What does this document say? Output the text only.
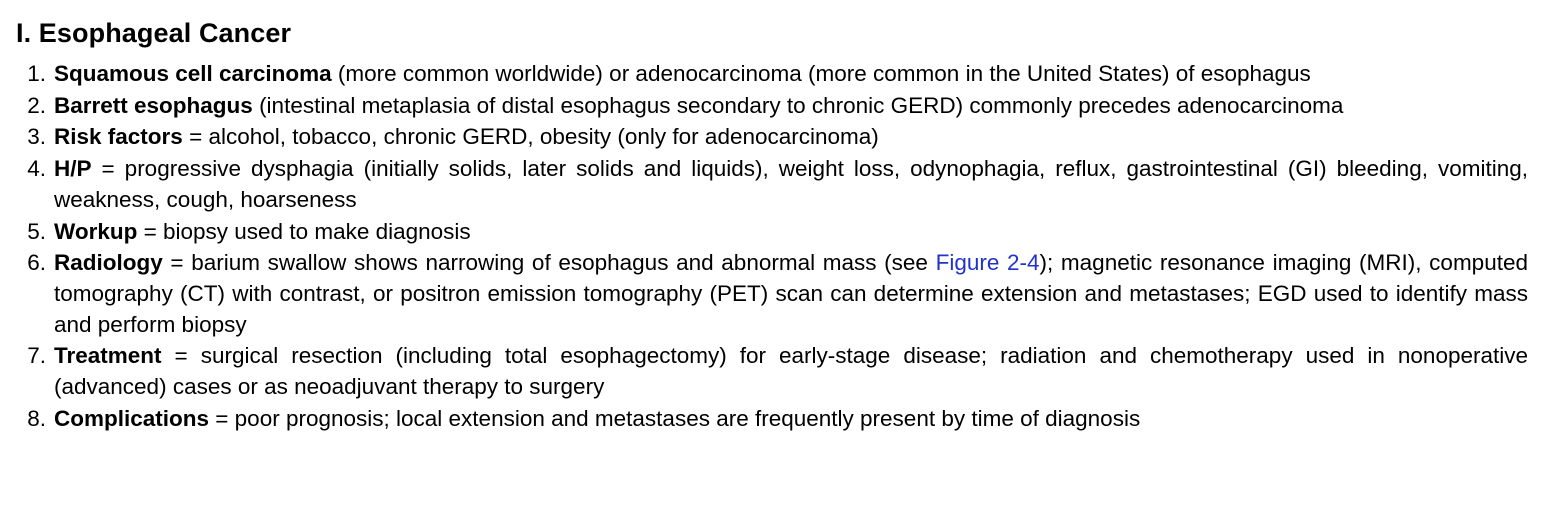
I. Esophageal Cancer
1. Squamous cell carcinoma (more common worldwide) or adenocarcinoma (more common in the United States) of esophagus
2. Barrett esophagus (intestinal metaplasia of distal esophagus secondary to chronic GERD) commonly precedes adenocarcinoma
3. Risk factors = alcohol, tobacco, chronic GERD, obesity (only for adenocarcinoma)
4. H/P = progressive dysphagia (initially solids, later solids and liquids), weight loss, odynophagia, reflux, gastrointestinal (GI) bleeding, vomiting, weakness, cough, hoarseness
5. Workup = biopsy used to make diagnosis
6. Radiology = barium swallow shows narrowing of esophagus and abnormal mass (see Figure 2-4); magnetic resonance imaging (MRI), computed tomography (CT) with contrast, or positron emission tomography (PET) scan can determine extension and metastases; EGD used to identify mass and perform biopsy
7. Treatment = surgical resection (including total esophagectomy) for early-stage disease; radiation and chemotherapy used in nonoperative (advanced) cases or as neoadjuvant therapy to surgery
8. Complications = poor prognosis; local extension and metastases are frequently present by time of diagnosis
